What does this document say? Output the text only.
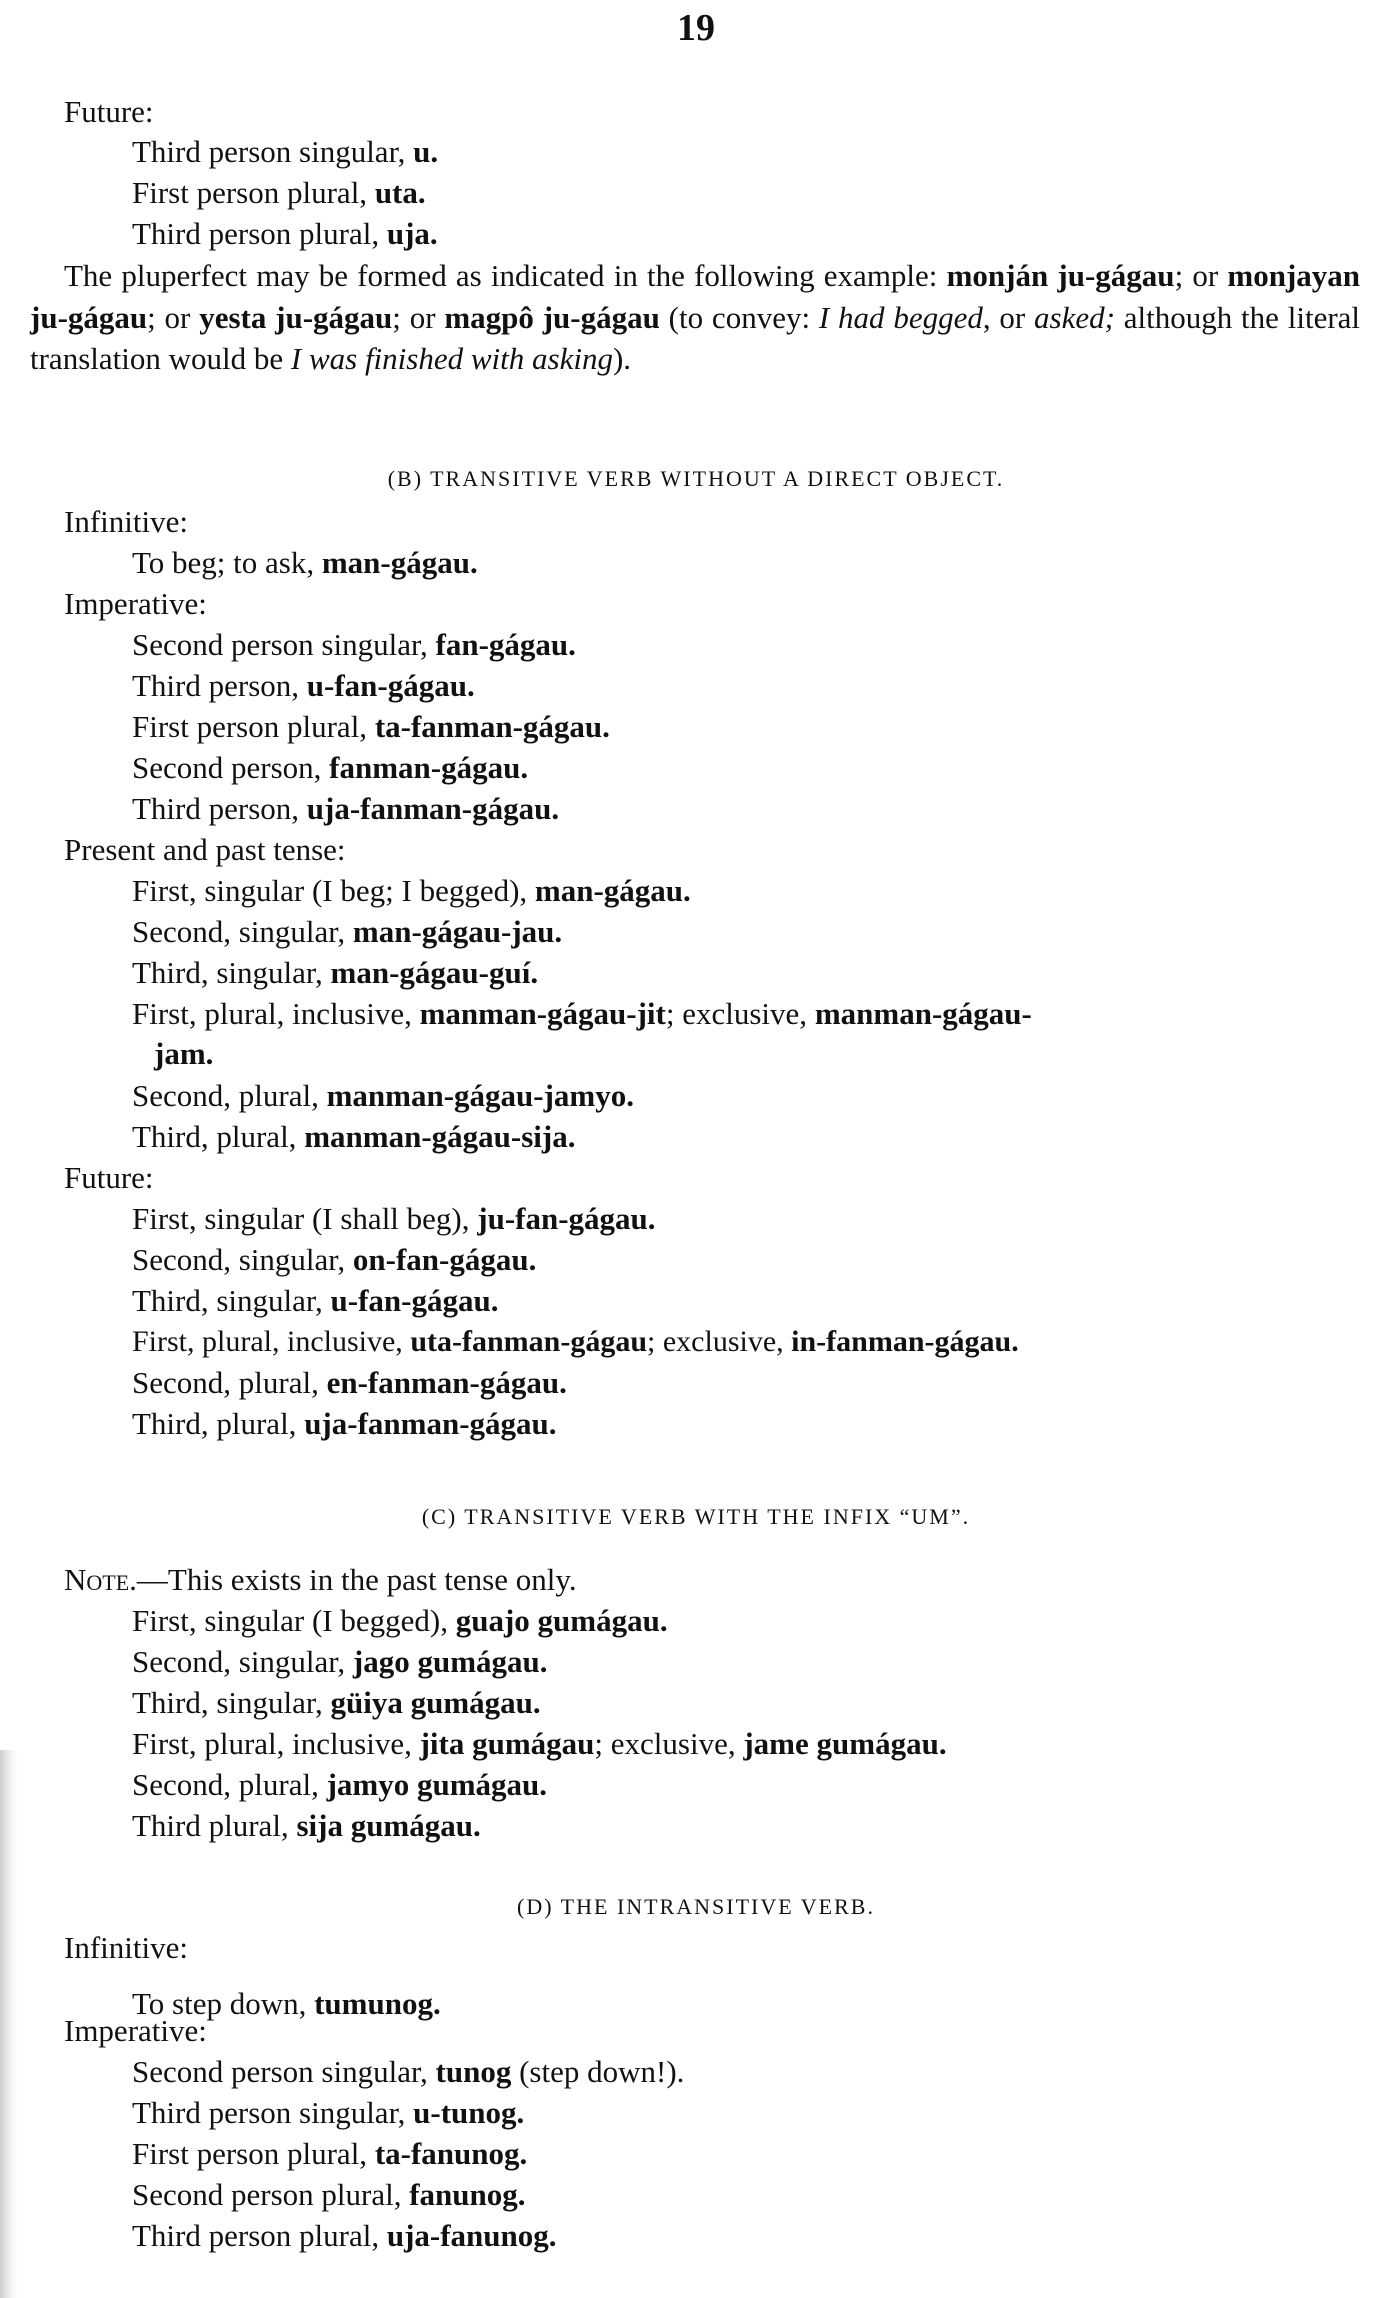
19
Future:
Third person singular, u.
First person plural, uta.
Third person plural, uja.
The pluperfect may be formed as indicated in the following example: monján ju-gágau; or monjayan ju-gágau; or yesta ju-gágau; or magpô ju-gágau (to convey: I had begged, or asked; although the literal translation would be I was finished with asking).
(B) TRANSITIVE VERB WITHOUT A DIRECT OBJECT.
Infinitive:
To beg; to ask, man-gágau.
Imperative:
Second person singular, fan-gágau.
Third person, u-fan-gágau.
First person plural, ta-fanman-gágau.
Second person, fanman-gágau.
Third person, uja-fanman-gágau.
Present and past tense:
First, singular (I beg; I begged), man-gágau.
Second, singular, man-gágau-jau.
Third, singular, man-gágau-guí.
First, plural, inclusive, manman-gágau-jit; exclusive, manman-gágau-
jam.
Second, plural, manman-gágau-jamyo.
Third, plural, manman-gágau-sija.
Future:
First, singular (I shall beg), ju-fan-gágau.
Second, singular, on-fan-gágau.
Third, singular, u-fan-gágau.
First, plural, inclusive, uta-fanman-gágau; exclusive, in-fanman-gágau.
Second, plural, en-fanman-gágau.
Third, plural, uja-fanman-gágau.
(C) TRANSITIVE VERB WITH THE INFIX “UM”.
Note.—This exists in the past tense only.
First, singular (I begged), guajo gumágau.
Second, singular, jago gumágau.
Third, singular, güiya gumágau.
First, plural, inclusive, jita gumágau; exclusive, jame gumágau.
Second, plural, jamyo gumágau.
Third plural, sija gumágau.
(D) THE INTRANSITIVE VERB.
Infinitive:
To step down, tumunog.
Imperative:
Second person singular, tunog (step down!).
Third person singular, u-tunog.
First person plural, ta-fanunog.
Second person plural, fanunog.
Third person plural, uja-fanunog.
